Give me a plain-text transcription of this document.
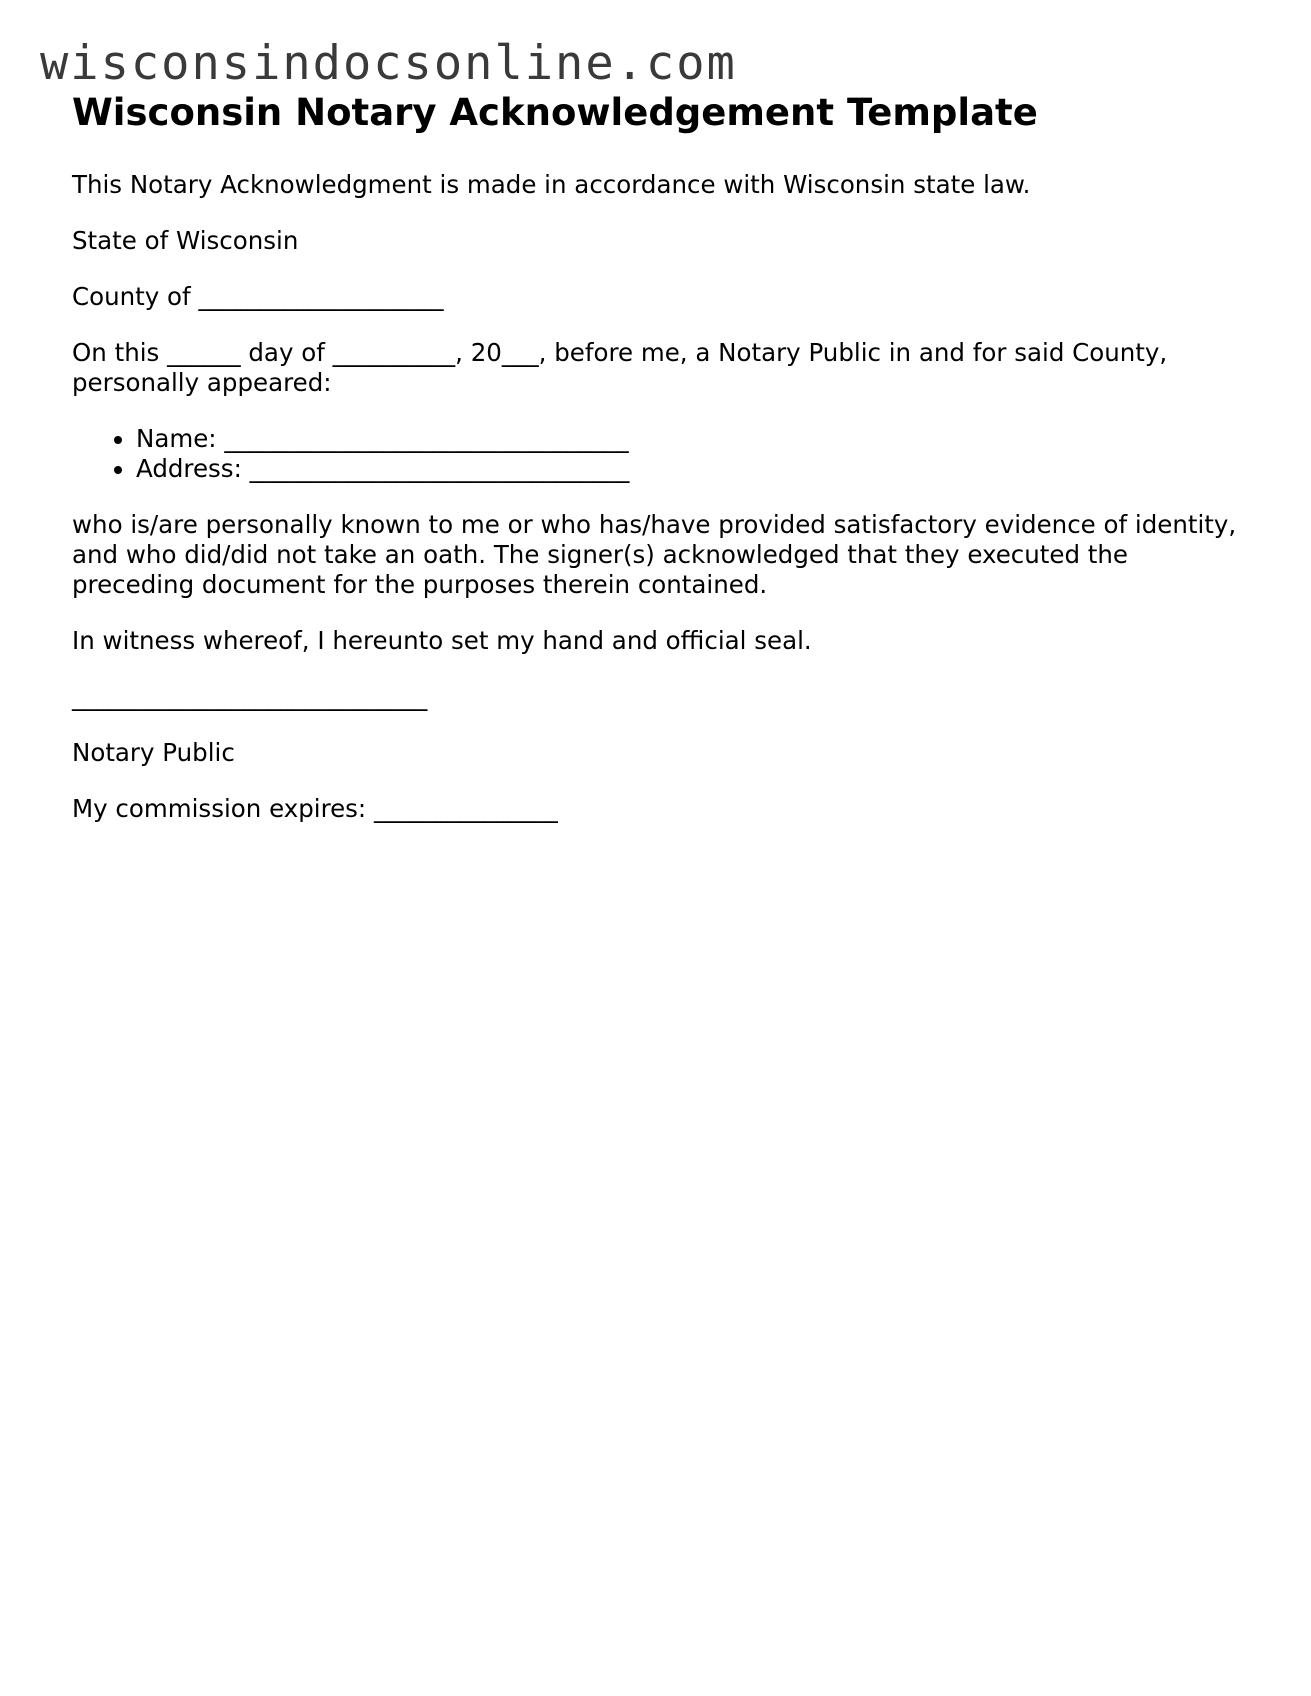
wisconsindocsonline.com
Wisconsin Notary Acknowledgement Template

This Notary Acknowledgment is made in accordance with Wisconsin state law.

State of Wisconsin

County of ____________________

On this ______ day of __________, 20___, before me, a Notary Public in and for said County, personally appeared:

• Name: _________________________________
• Address: _______________________________

who is/are personally known to me or who has/have provided satisfactory evidence of identity, and who did/did not take an oath. The signer(s) acknowledged that they executed the preceding document for the purposes therein contained.

In witness whereof, I hereunto set my hand and official seal.

_____________________________

Notary Public

My commission expires: _______________
